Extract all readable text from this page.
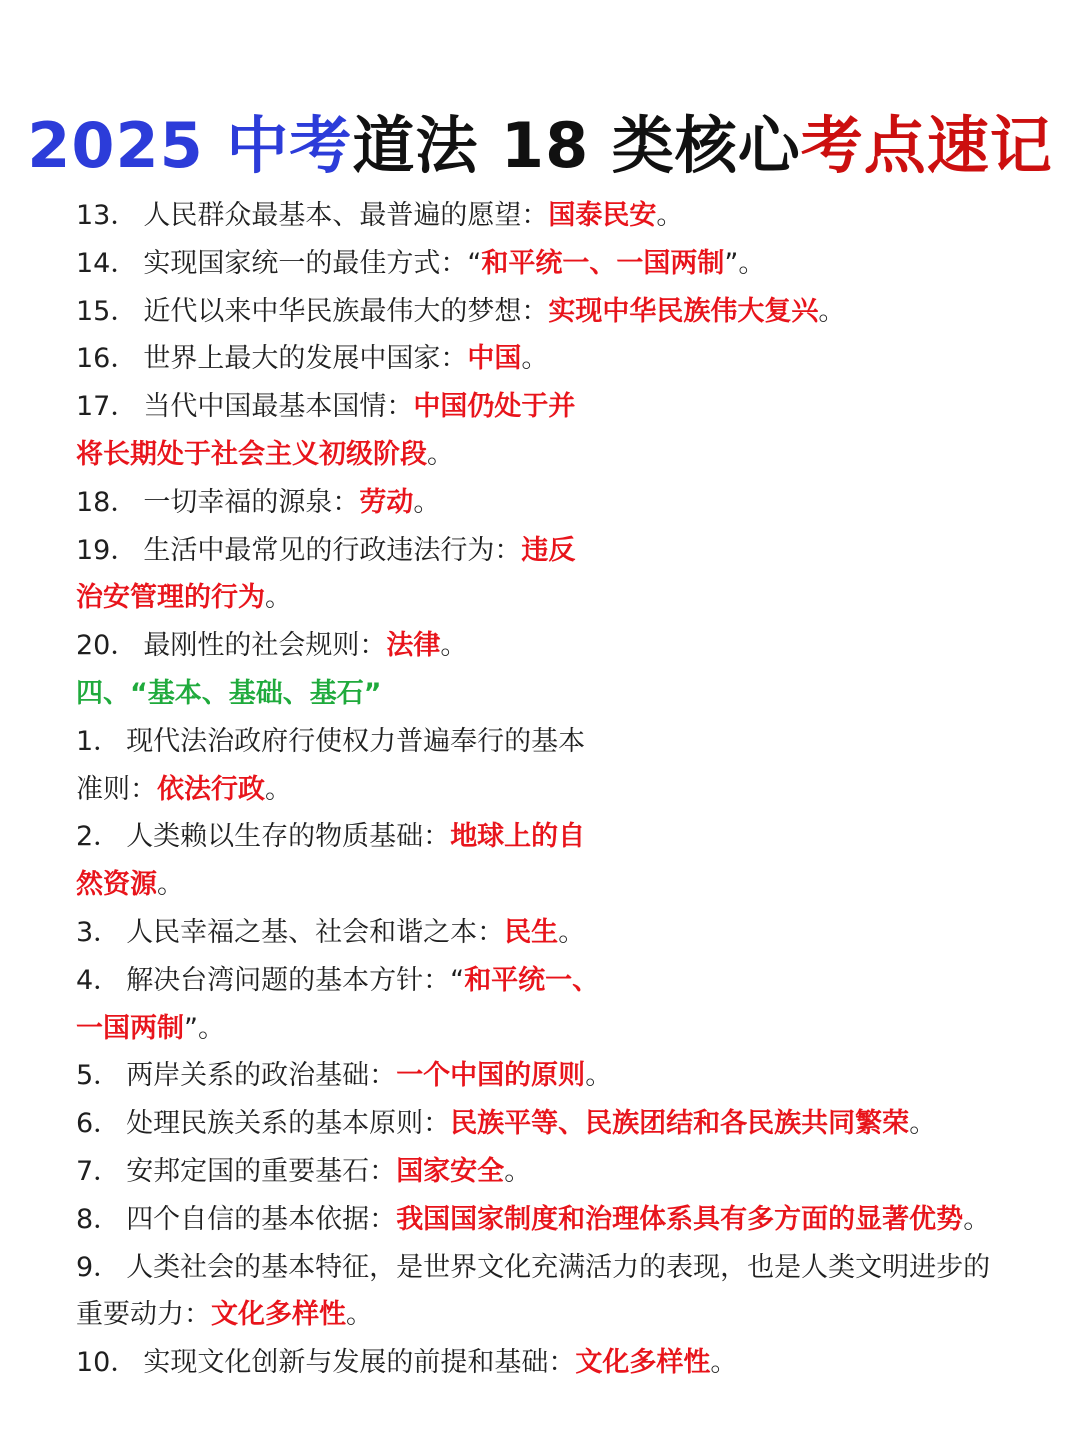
2025 中考道法 18 类核心考点速记
13． 人民群众最基本、最普遍的愿望：国泰民安。
14． 实现国家统一的最佳方式：“和平统一、一国两制”。
15． 近代以来中华民族最伟大的梦想：实现中华民族伟大复兴。
16． 世界上最大的发展中国家：中国。
17． 当代中国最基本国情：中国仍处于并
将长期处于社会主义初级阶段。
18． 一切幸福的源泉：劳动。
19． 生活中最常见的行政违法行为：违反
治安管理的行为。
20． 最刚性的社会规则：法律。
四、“基本、基础、基石”
1． 现代法治政府行使权力普遍奉行的基本
准则：依法行政。
2． 人类赖以生存的物质基础：地球上的自
然资源。
3． 人民幸福之基、社会和谐之本：民生。
4． 解决台湾问题的基本方针：“和平统一、
一国两制”。
5． 两岸关系的政治基础：一个中国的原则。
6． 处理民族关系的基本原则：民族平等、民族团结和各民族共同繁荣。
7． 安邦定国的重要基石：国家安全。
8． 四个自信的基本依据：我国国家制度和治理体系具有多方面的显著优势。
9． 人类社会的基本特征，是世界文化充满活力的表现，也是人类文明进步的
重要动力：文化多样性。
10． 实现文化创新与发展的前提和基础：文化多样性。
